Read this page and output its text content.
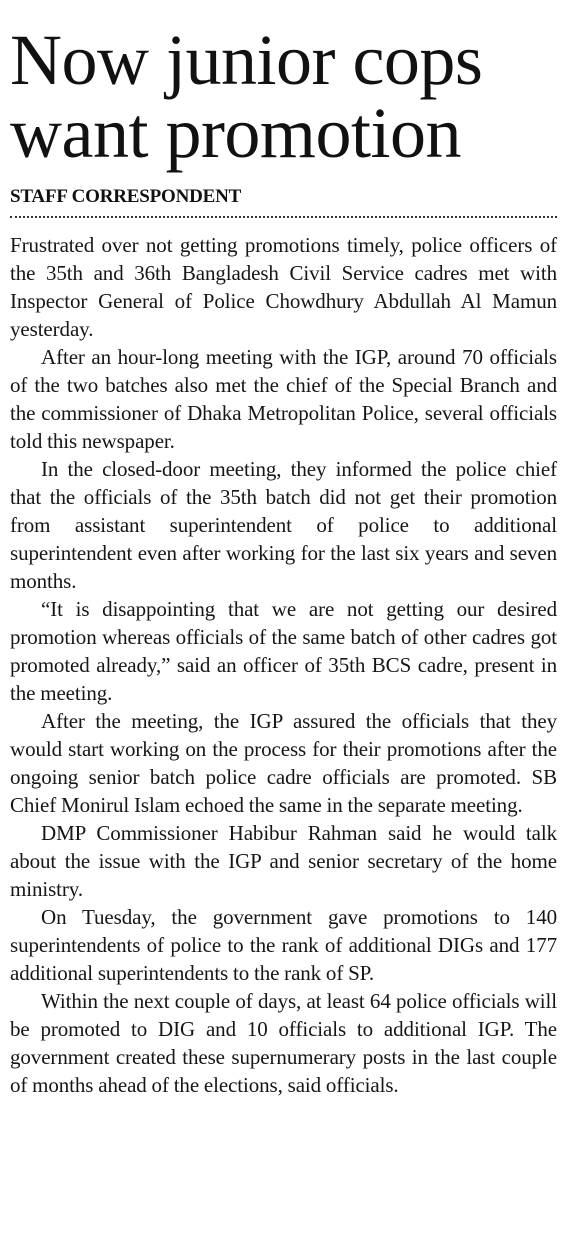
Now junior cops
want promotion
STAFF CORRESPONDENT

Frustrated over not getting promotions timely, police officers of the 35th and 36th Bangladesh Civil Service cadres met with Inspector General of Police Chowdhury Abdullah Al Mamun yesterday.

After an hour-long meeting with the IGP, around 70 officials of the two batches also met the chief of the Special Branch and the commissioner of Dhaka Metropolitan Police, several officials told this newspaper.

In the closed-door meeting, they informed the police chief that the officials of the 35th batch did not get their promotion from assistant superintendent of police to additional superintendent even after working for the last six years and seven months.

“It is disappointing that we are not getting our desired promotion whereas officials of the same batch of other cadres got promoted already,” said an officer of 35th BCS cadre, present in the meeting.

After the meeting, the IGP assured the officials that they would start working on the process for their promotions after the ongoing senior batch police cadre officials are promoted. SB Chief Monirul Islam echoed the same in the separate meeting.

DMP Commissioner Habibur Rahman said he would talk about the issue with the IGP and senior secretary of the home ministry.

On Tuesday, the government gave promotions to 140 superintendents of police to the rank of additional DIGs and 177 additional superintendents to the rank of SP.

Within the next couple of days, at least 64 police officials will be promoted to DIG and 10 officials to additional IGP. The government created these supernumerary posts in the last couple of months ahead of the elections, said officials.
